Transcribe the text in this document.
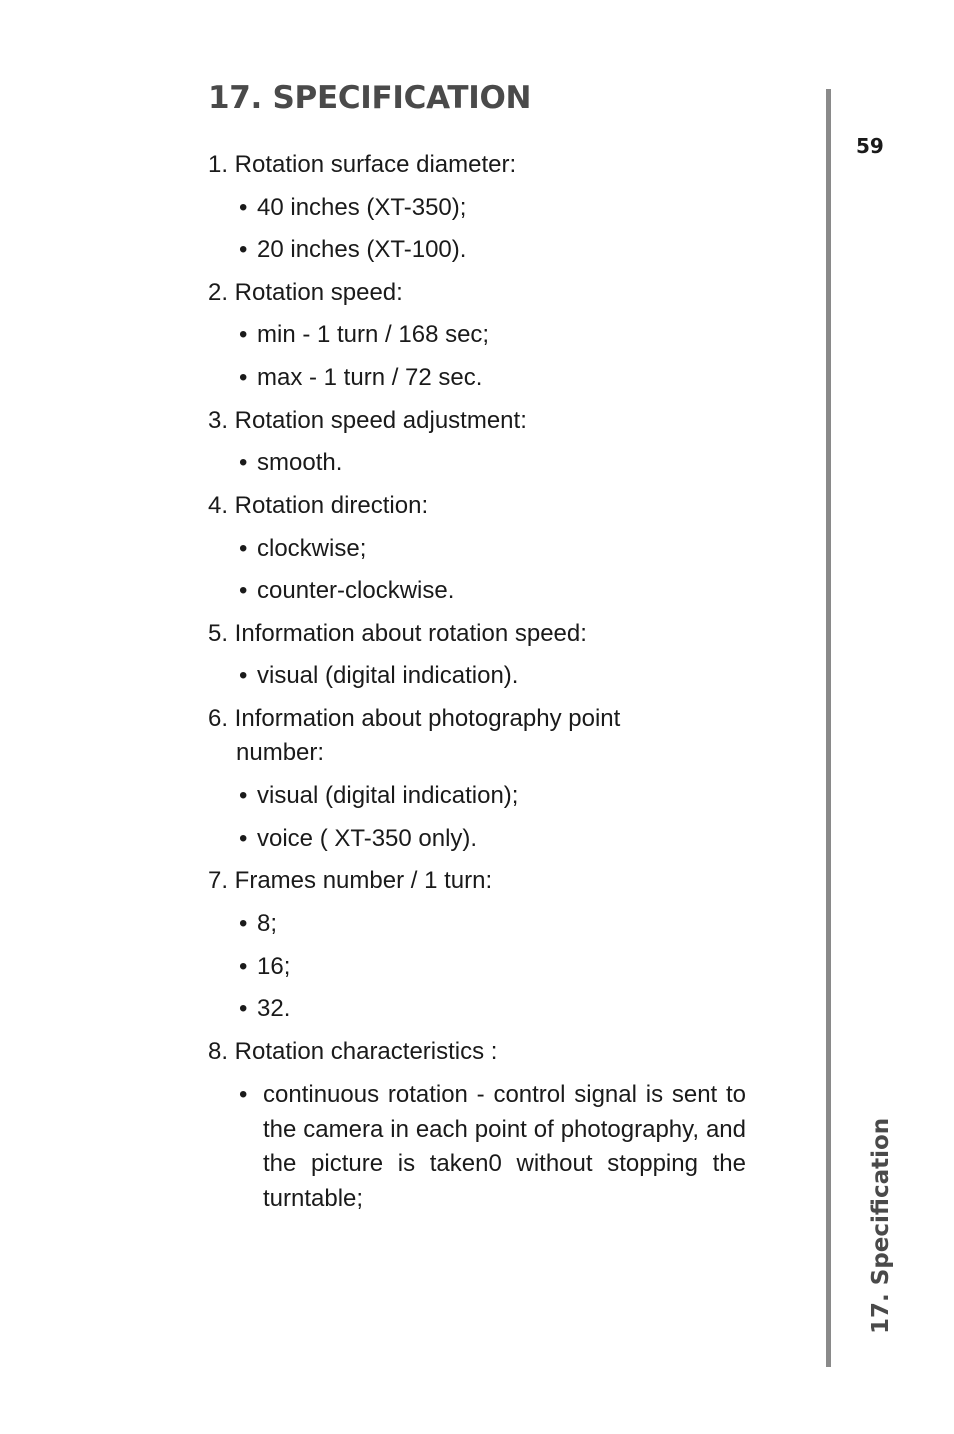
17. SPECIFICATION
1. Rotation surface diameter:
• 40 inches (XT-350);
• 20 inches (XT-100).
2. Rotation speed:
• min - 1 turn / 168 sec;
• max - 1 turn / 72 sec.
3. Rotation speed adjustment:
• smooth.
4. Rotation direction:
• clockwise;
• counter-clockwise.
5. Information about rotation speed:
• visual (digital indication).
6. Information about photography point
number:
• visual (digital indication);
• voice ( XT-350 only).
7. Frames number / 1 turn:
• 8;
• 16;
• 32.
8. Rotation characteristics :
• continuous rotation - control signal is sent to the camera in each point of photography, and the picture is taken0 without stopping the turntable;
59
17. Specification
